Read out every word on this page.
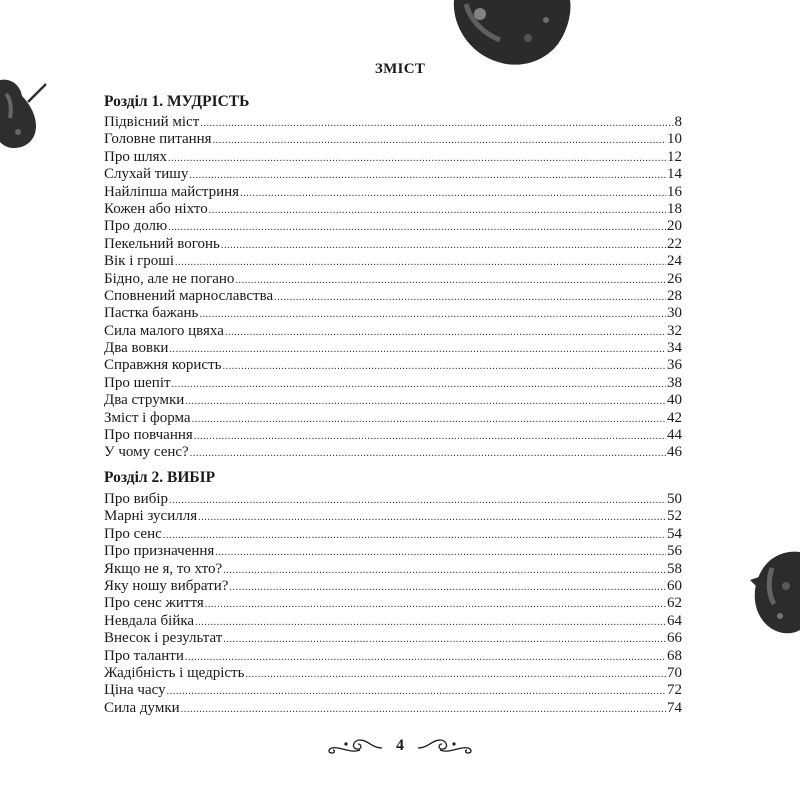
ЗМІСТ
Розділ 1. МУДРІСТЬ
Підвісний міст .....	8
Головне питання .....	10
Про шлях .....	12
Слухай тишу .....	14
Найліпша майстриня .....	16
Кожен або ніхто .....	18
Про долю .....	20
Пекельний вогонь .....	22
Вік і гроші .....	24
Бідно, але не погано .....	26
Сповнений марнославства .....	28
Пастка бажань .....	30
Сила малого цвяха .....	32
Два вовки .....	34
Справжня користь .....	36
Про шепіт .....	38
Два струмки .....	40
Зміст і форма .....	42
Про повчання .....	44
У чому сенс? .....	46
Розділ 2. ВИБІР
Про вибір .....	50
Марні зусилля .....	52
Про сенс .....	54
Про призначення .....	56
Якщо не я, то хто? .....	58
Яку ношу вибрати? .....	60
Про сенс життя .....	62
Невдала бійка .....	64
Внесок і результат .....	66
Про таланти .....	68
Жадібність і щедрість .....	70
Ціна часу .....	72
Сила думки .....	74
4
